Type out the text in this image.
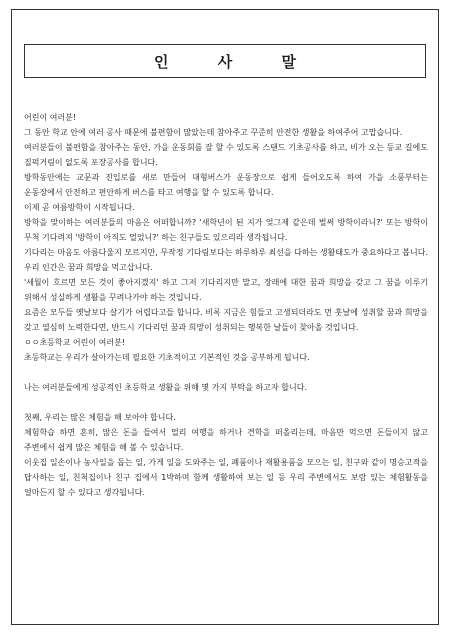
인 사 말

어린이 여러분!

그 동안 학교 안에 여러 공사 때문에 불편함이 많았는데 참아주고 꾸준히 안전한 생활을 하여주어 고맙습니다.

여러분들이 불편함을 참아주는 동안, 가을 운동회를 잘 할 수 있도록 스탠드 기초공사를 하고, 비가 오는 등교 길에도 질퍽거림이 없도록 포장공사를 합니다.

방학동안에는 교문과 진입로를 새로 만들어 대형버스가 운동장으로 쉽게 들어오도록 하여 가을 소풍부터는 운동장에서 안전하고 편안하게 버스를 타고 여행을 할 수 있도록 합니다.

이제 곧 여름방학이 시작됩니다.

방학을 맞이하는 여러분들의 마음은 어떠합니까? '새학년이 된 지가 엊그제 같은데 벌써 방학이라니?' 또는 방학이 무척 기다려져 '방학이 아직도 멀었니?' 하는 친구들도 있으리라 생각됩니다.

기다리는 마음도 아름다울지 모르지만, 무작정 기다림보다는 하루하루 최선을 다하는 생활태도가 중요하다고 봅니다.

우리 인간은 꿈과 희망을 먹고삽니다.

'세월이 흐르면 모든 것이 좋아지겠지' 하고 그저 기다리지만 말고, 장래에 대한 꿈과 희망을 갖고 그 꿈을 이루기 위해서 성실하게 생활을 꾸려나가야 하는 것입니다.

요즘은 모두들 옛날보다 살기가 어렵다고들 합니다. 비록 지금은 힘들고 고생되더라도 먼 훗날에 성취할 꿈과 희망을 갖고 열심히 노력한다면, 반드시 기다리던 꿈과 희망이 성취되는 행복한 날들이 찾아올 것입니다.

ㅇㅇ초등학교 어린이 여러분!

초등학교는 우리가 살아가는데 필요한 기초적이고 기본적인 것을 공부하게 됩니다.

나는 여러분들에게 성공적인 초등학교 생활을 위해 몇 가지 부탁을 하고자 합니다.

첫째, 우리는 많은 체험을 해 보아야 합니다.

체험학습 하면 흔히, 많은 돈을 들여서 멀리 여행을 하거나 견학을 떠올리는데, 마음만 먹으면 돈들이지 않고 주변에서 쉽게 많은 체험을 해 볼 수 있습니다.

이웃집 일손이나 농사일을 돕는 일, 가게 일을 도와주는 일, 폐품이나 재활용품을 모으는 일, 친구와 같이 명승고적을 답사하는 일, 친척집이나 친구 집에서 1박하며 함께 생활하여 보는 일 등 우리 주변에서도 보람 있는 체험활동을 얼마든지 할 수 있다고 생각됩니다.
